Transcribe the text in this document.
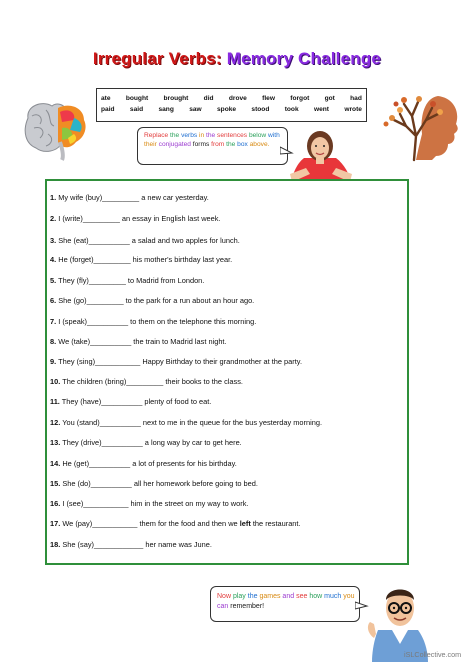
Irregular Verbs: Memory Challenge
ate bought brought did drove flew forgot got had
paid said sang saw spoke stood took went wrote
Replace the verbs in the sentences below with their conjugated forms from the box above.
1. My wife (buy)_________ a new car yesterday.
2. I (write)_________ an essay in English last week.
3. She (eat)__________ a salad and two apples for lunch.
4. He (forget)_________ his mother's birthday last year.
5. They (fly)_________ to Madrid from London.
6. She (go)_________ to the park for a run about an hour ago.
7. I (speak)__________ to them on the telephone this morning.
8. We (take)__________ the train to Madrid last night.
9. They (sing)___________ Happy Birthday to their grandmother at the party.
10. The children (bring)_________ their books to the class.
11. They (have)__________ plenty of food to eat.
12. You (stand)__________ next to me in the queue for the bus yesterday morning.
13. They (drive)__________ a long way by car to get here.
14. He (get)__________ a lot of presents for his birthday.
15. She (do)__________ all her homework before going to bed.
16. I (see)___________ him in the street on my way to work.
17. We (pay)___________ them for the food and then we left the restaurant.
18. She (say)____________ her name was June.
Now play the games and see how much you can remember!
iSLCollective.com
